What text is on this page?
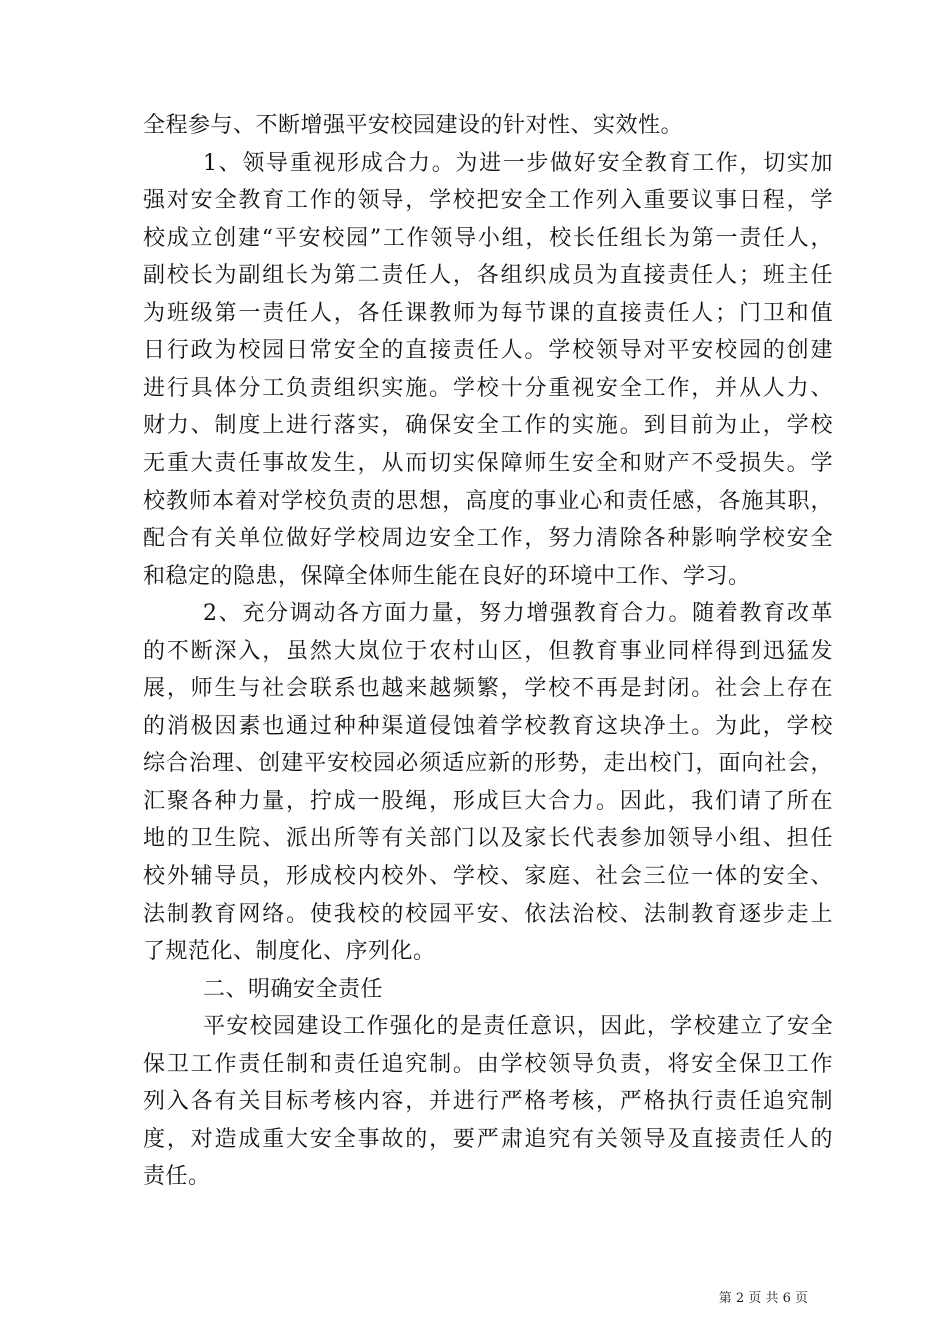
全程参与、不断增强平安校园建设的针对性、实效性。
1、领导重视形成合力。为进一步做好安全教育工作，切实加
强对安全教育工作的领导，学校把安全工作列入重要议事日程，学
校成立创建“平安校园”工作领导小组，校长任组长为第一责任人，
副校长为副组长为第二责任人，各组织成员为直接责任人；班主任
为班级第一责任人，各任课教师为每节课的直接责任人；门卫和值
日行政为校园日常安全的直接责任人。学校领导对平安校园的创建
进行具体分工负责组织实施。学校十分重视安全工作，并从人力、
财力、制度上进行落实，确保安全工作的实施。到目前为止，学校
无重大责任事故发生，从而切实保障师生安全和财产不受损失。学
校教师本着对学校负责的思想，高度的事业心和责任感，各施其职，
配合有关单位做好学校周边安全工作，努力清除各种影响学校安全
和稳定的隐患，保障全体师生能在良好的环境中工作、学习。
2、充分调动各方面力量，努力增强教育合力。随着教育改革
的不断深入，虽然大岚位于农村山区，但教育事业同样得到迅猛发
展，师生与社会联系也越来越频繁，学校不再是封闭。社会上存在
的消极因素也通过种种渠道侵蚀着学校教育这块净土。为此，学校
综合治理、创建平安校园必须适应新的形势，走出校门，面向社会，
汇聚各种力量，拧成一股绳，形成巨大合力。因此，我们请了所在
地的卫生院、派出所等有关部门以及家长代表参加领导小组、担任
校外辅导员，形成校内校外、学校、家庭、社会三位一体的安全、
法制教育网络。使我校的校园平安、依法治校、法制教育逐步走上
了规范化、制度化、序列化。
二、明确安全责任
平安校园建设工作强化的是责任意识，因此，学校建立了安全
保卫工作责任制和责任追究制。由学校领导负责，将安全保卫工作
列入各有关目标考核内容，并进行严格考核，严格执行责任追究制
度，对造成重大安全事故的，要严肃追究有关领导及直接责任人的
责任。
第 2 页 共 6 页
